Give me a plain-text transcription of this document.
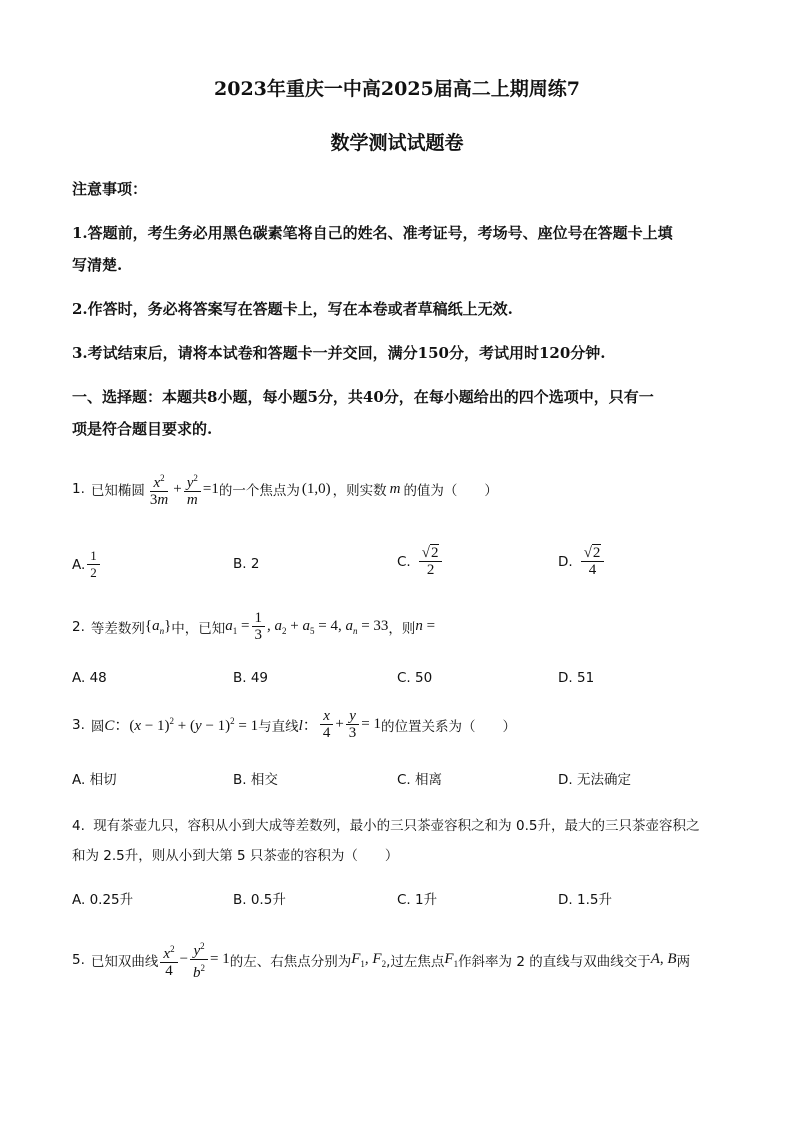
2023年重庆一中高2025届高二上期周练7
数学测试试题卷
注意事项：
1.答题前，考生务必用黑色碳素笔将自己的姓名、准考证号，考场号、座位号在答题卡上填
写清楚.
2.作答时，务必将答案写在答题卡上，写在本卷或者草稿纸上无效.
3.考试结束后，请将本试卷和答题卡一并交回，满分150分，考试用时120分钟.
一、选择题：本题共8小题，每小题5分，共40分，在每小题给出的四个选项中，只有一
项是符合题目要求的.
1. 已知椭圆 $\frac{x^2}{3m} + \frac{y^2}{m} =1$ 的一个焦点为 (1,0) ，则实数 m 的值为（　　）
A. $\frac{1}{2}$	B. 2	C. $\frac{√2}{2}$	D. $\frac{√2}{4}$
2. 等差数列 $\{a_n\}$ 中，已知 $a_1 = \frac{1}{3}$ , $a_2 + a_5 = 4$, $a_n = 33$ ，则 n =
A. 48	B. 49	C. 50	D. 51
3. 圆 C：$(x - 1)^2 + (y - 1)^2 = 1$ 与直线 l： $\frac{x}{4} + \frac{y}{3} = 1$ 的位置关系为（　　）
A. 相切	B. 相交	C. 相离	D. 无法确定
4. 现有茶壶九只，容积从小到大成等差数列，最小的三只茶壶容积之和为 0.5升，最大的三只茶壶容积之
和为 2.5升，则从小到大第 5 只茶壶的容积为（　　）
A. 0.25升	B. 0.5升	C. 1升	D. 1.5升
5. 已知双曲线 $\frac{x^2}{4} - \frac{y^2}{b^2} = 1$ 的左、右焦点分别为 $F_1$, $F_2$ ,过左焦点 $F_1$ 作斜率为 2 的直线与双曲线交于 A, B 两
